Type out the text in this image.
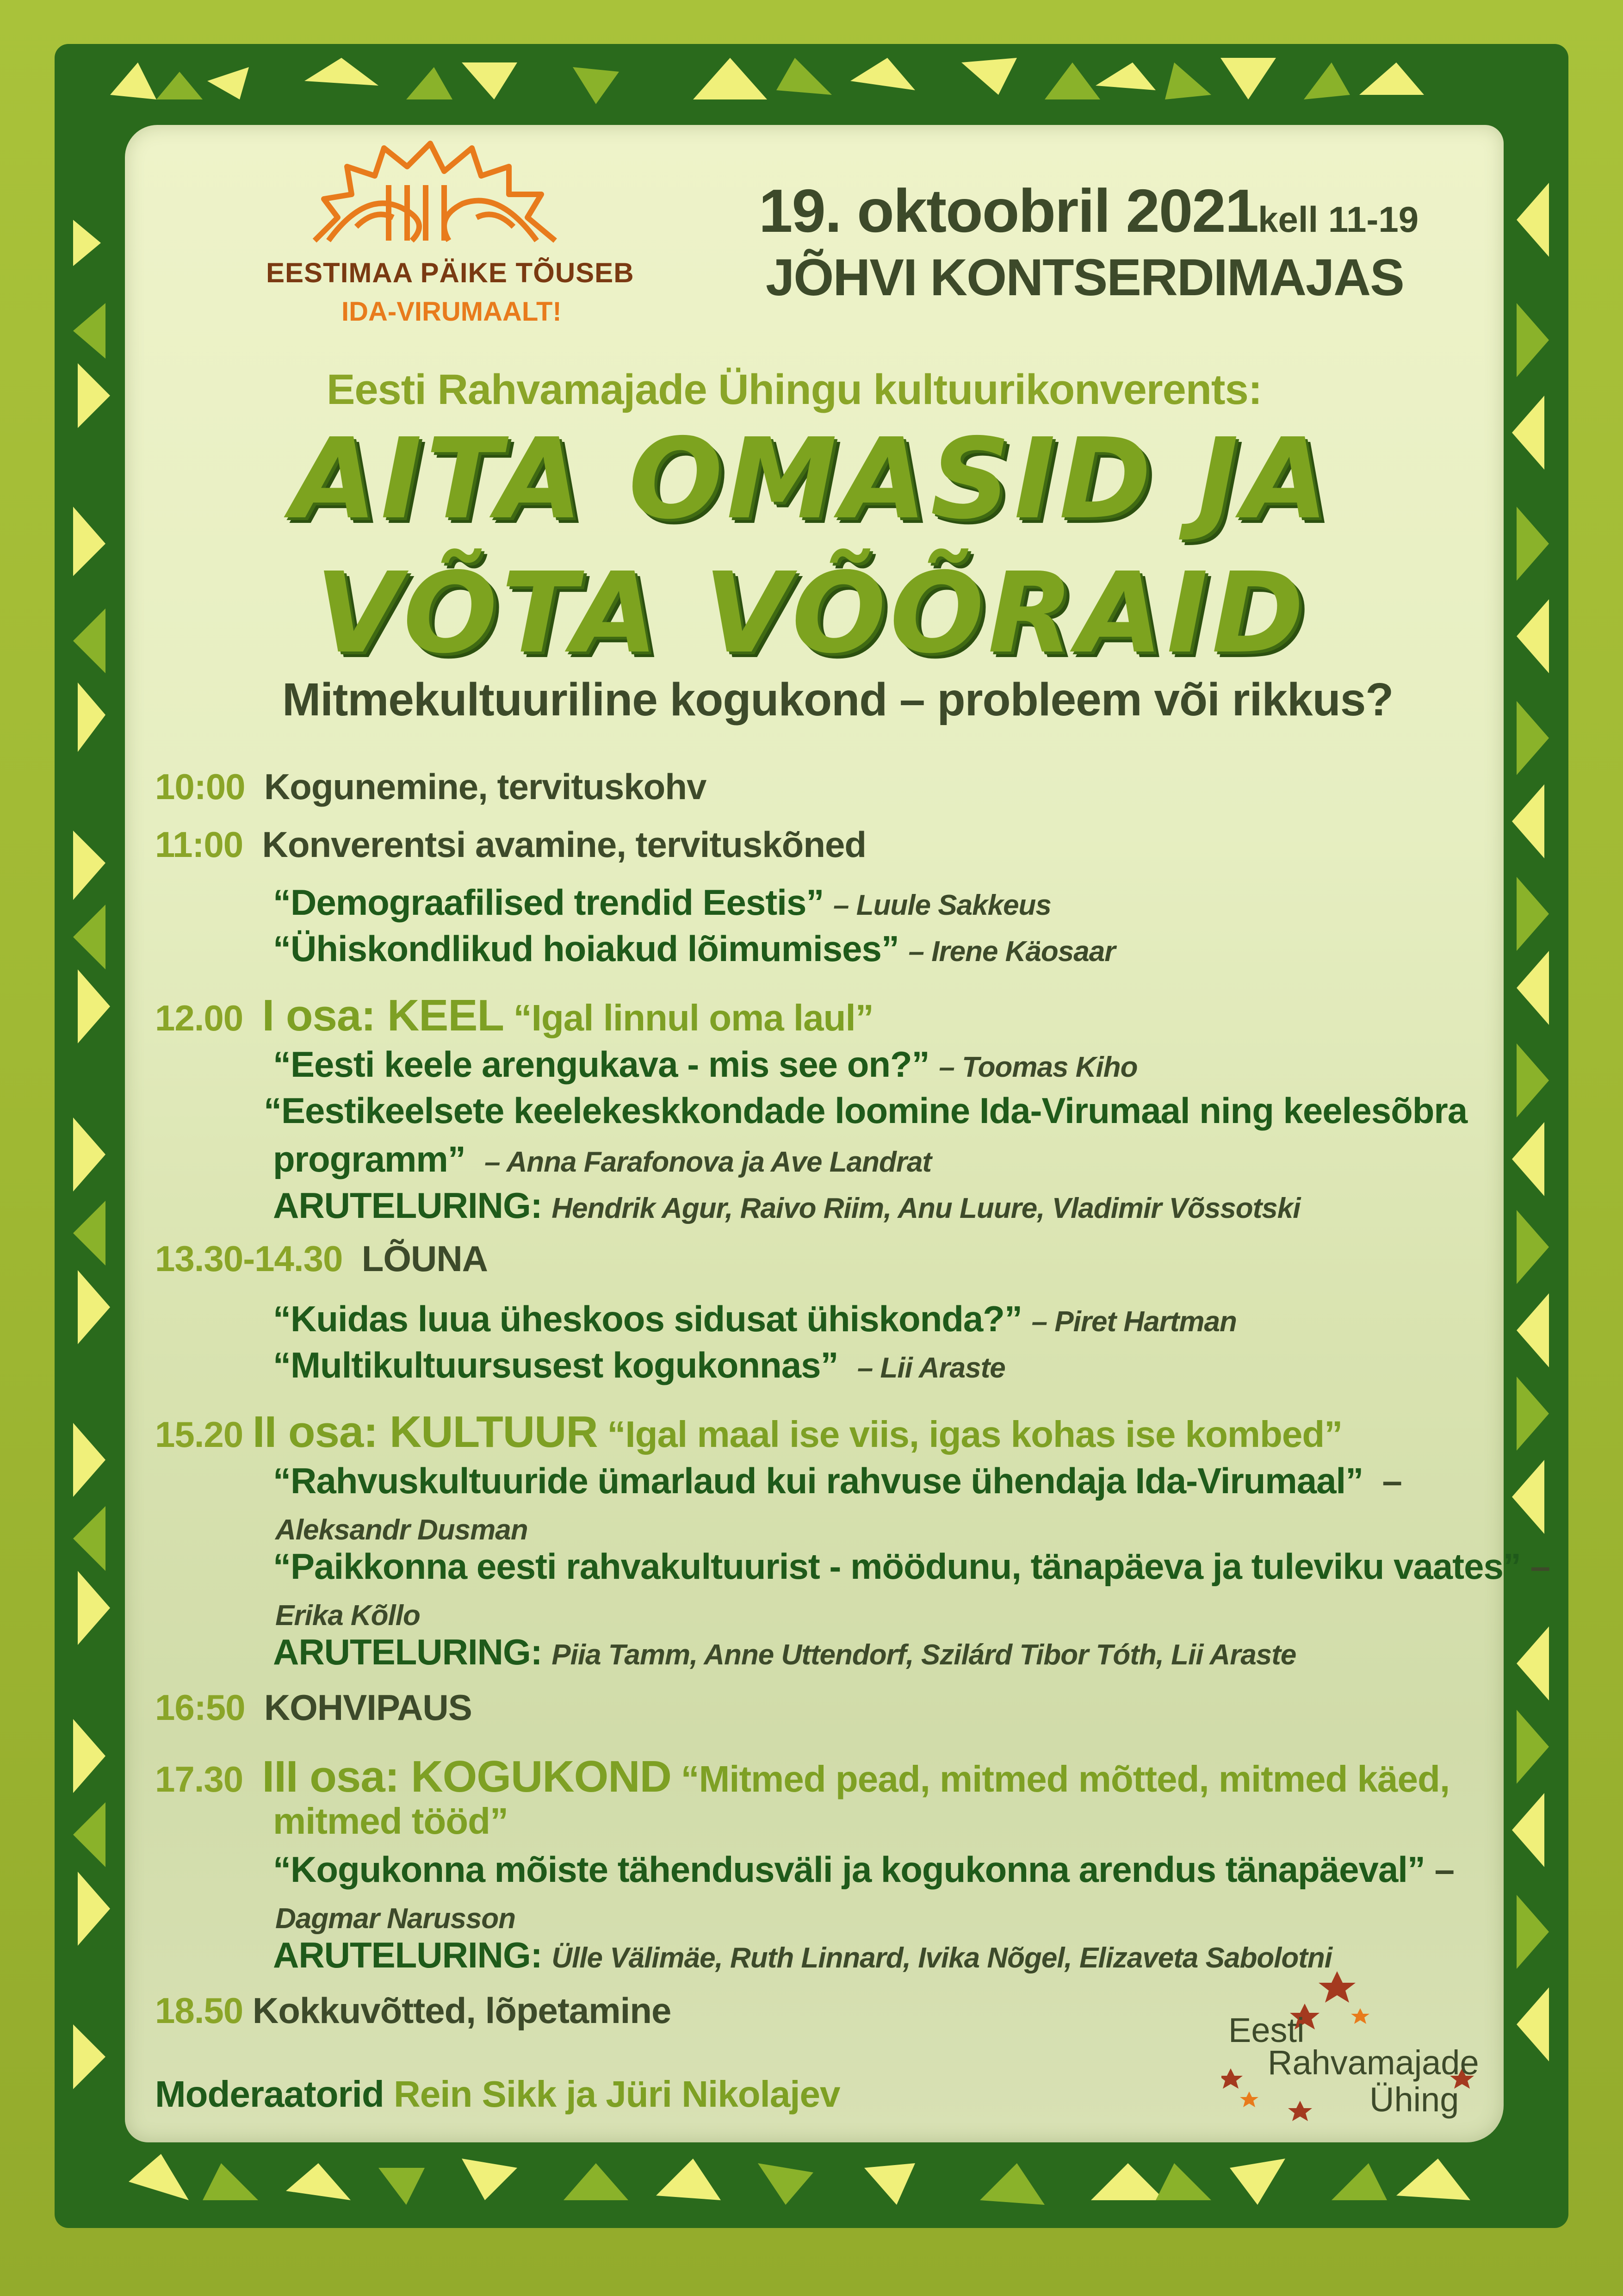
EESTIMAA PÄIKE TÕUSEB
IDA-VIRUMAALT!
19. oktoobril 2021kell 11-19
JÕHVI KONTSERDIMAJAS
Eesti Rahvamajade Ühingu kultuurikonverents:
AITA OMASID JA
VÕTA VÕÕRAID
Mitmekultuuriline kogukond – probleem või rikkus?
10:00 Kogunemine, tervituskohv
11:00 Konverentsi avamine, tervituskõned
“Demograafilised trendid Eestis” – Luule Sakkeus
“Ühiskondlikud hoiakud lõimumises” – Irene Käosaar
12.00 I osa: KEEL “Igal linnul oma laul”
“Eesti keele arengukava - mis see on?” – Toomas Kiho
“Eestikeelsete keelekeskkondade loomine Ida-Virumaal ning keelesõbra
programm” – Anna Farafonova ja Ave Landrat
ARUTELURING: Hendrik Agur, Raivo Riim, Anu Luure, Vladimir Võssotski
13.30-14.30 LÕUNA
“Kuidas luua üheskoos sidusat ühiskonda?” – Piret Hartman
“Multikultuursusest kogukonnas” – Lii Araste
15.20 II osa: KULTUUR “Igal maal ise viis, igas kohas ise kombed”
“Rahvuskultuuride ümarlaud kui rahvuse ühendaja Ida-Virumaal” –
Aleksandr Dusman
“Paikkonna eesti rahvakultuurist - möödunu, tänapäeva ja tuleviku vaates” –
Erika Kõllo
ARUTELURING: Piia Tamm, Anne Uttendorf, Szilárd Tibor Tóth, Lii Araste
16:50 KOHVIPAUS
17.30 III osa: KOGUKOND “Mitmed pead, mitmed mõtted, mitmed käed,
mitmed tööd”
“Kogukonna mõiste tähendusväli ja kogukonna arendus tänapäeval” –
Dagmar Narusson
ARUTELURING: Ülle Välimäe, Ruth Linnard, Ivika Nõgel, Elizaveta Sabolotni
18.50 Kokkuvõtted, lõpetamine
Moderaatorid Rein Sikk ja Jüri Nikolajev
Eesti
Rahvamajade
Ühing
